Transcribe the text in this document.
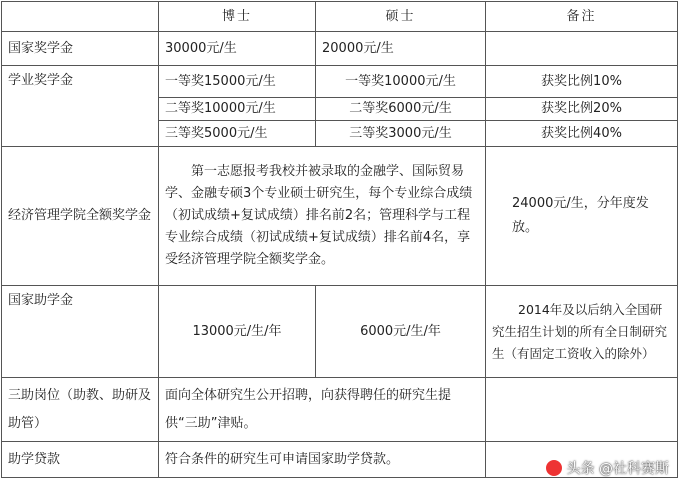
	博士	硕士	备注
国家奖学金	30000元/生	20000元/生	
学业奖学金	一等奖15000元/生	一等奖10000元/生	获奖比例10%
	二等奖10000元/生	二等奖6000元/生	获奖比例20%
	三等奖5000元/生	三等奖3000元/生	获奖比例40%
经济管理学院全额奖学金	第一志愿报考我校并被录取的金融学、国际贸易学、金融专硕3个专业硕士研究生，每个专业综合成绩（初试成绩+复试成绩）排名前2名；管理科学与工程专业综合成绩（初试成绩+复试成绩）排名前4名，享受经济管理学院全额奖学金。		24000元/生，分年度发放。
国家助学金	13000元/生/年	6000元/生/年	2014年及以后纳入全国研究生招生计划的所有全日制研究生（有固定工资收入的除外）
三助岗位（助教、助研及助管）	面向全体研究生公开招聘，向获得聘任的研究生提供“三助”津贴。		
助学贷款	符合条件的研究生可申请国家助学贷款。		
头条 @社科赛斯
